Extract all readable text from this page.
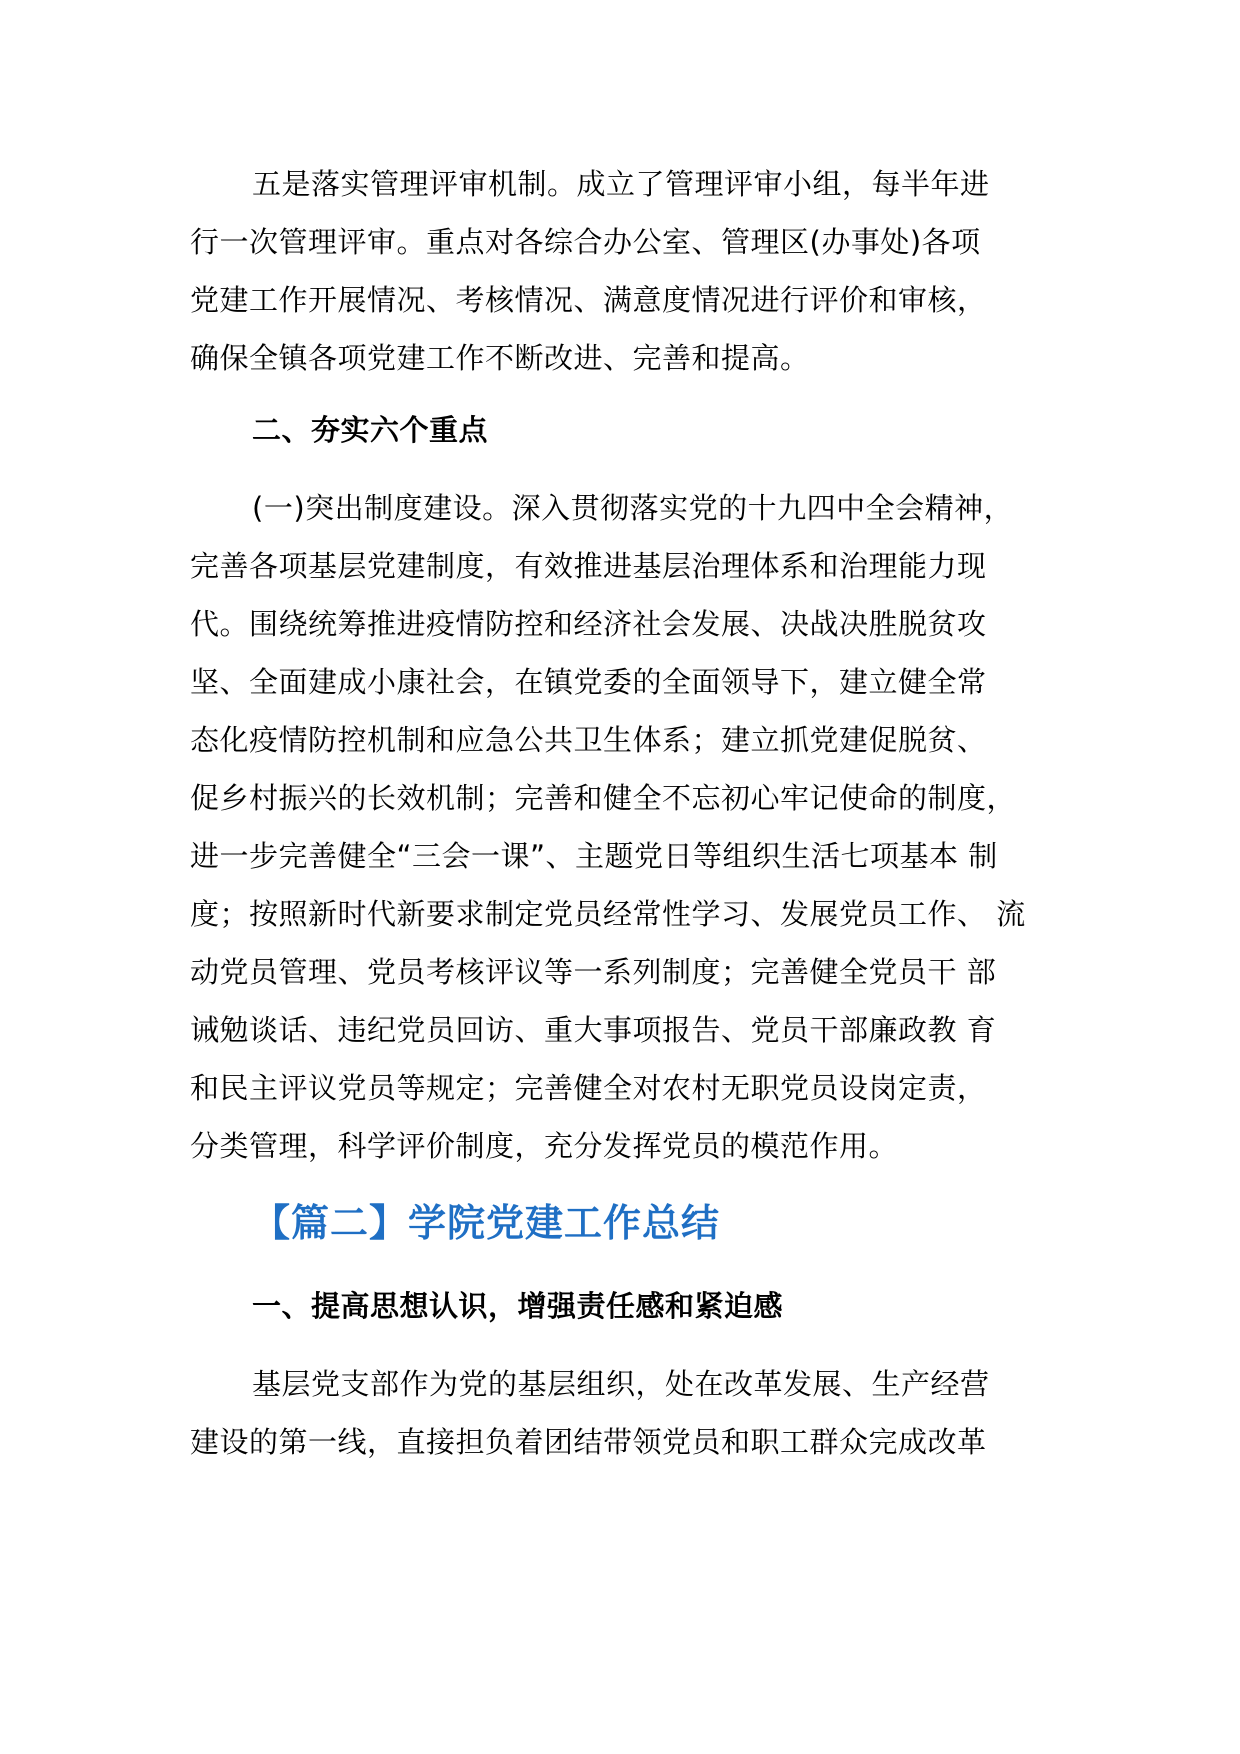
五是落实管理评审机制。成立了管理评审小组，每半年进
行一次管理评审。重点对各综合办公室、管理区(办事处)各项
党建工作开展情况、考核情况、满意度情况进行评价和审核，
确保全镇各项党建工作不断改进、完善和提高。
二、夯实六个重点
(一)突出制度建设。深入贯彻落实党的十九四中全会精神，
完善各项基层党建制度，有效推进基层治理体系和治理能力现
代。围绕统筹推进疫情防控和经济社会发展、决战决胜脱贫攻
坚、全面建成小康社会，在镇党委的全面领导下，建立健全常
态化疫情防控机制和应急公共卫生体系；建立抓党建促脱贫、
促乡村振兴的长效机制；完善和健全不忘初心牢记使命的制度，
进一步完善健全“三会一课”、主题党日等组织生活七项基本 制
度；按照新时代新要求制定党员经常性学习、发展党员工作、 流
动党员管理、党员考核评议等一系列制度；完善健全党员干 部
诫勉谈话、违纪党员回访、重大事项报告、党员干部廉政教 育
和民主评议党员等规定；完善健全对农村无职党员设岗定责，
分类管理，科学评价制度，充分发挥党员的模范作用。
【篇二】学院党建工作总结
一、提高思想认识，增强责任感和紧迫感
基层党支部作为党的基层组织，处在改革发展、生产经营
建设的第一线，直接担负着团结带领党员和职工群众完成改革
